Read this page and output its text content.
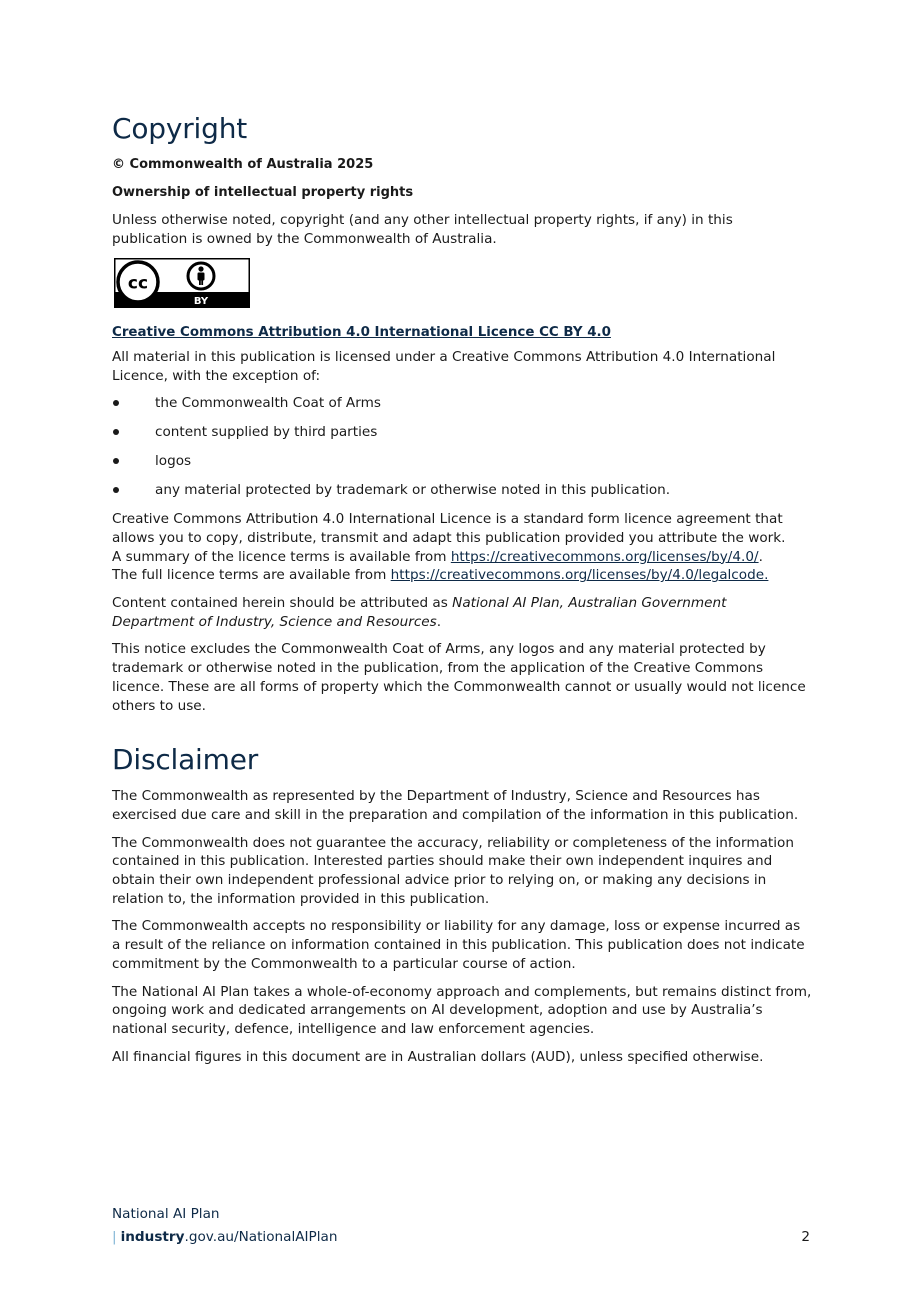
Copyright

© Commonwealth of Australia 2025

Ownership of intellectual property rights

Unless otherwise noted, copyright (and any other intellectual property rights, if any) in this publication is owned by the Commonwealth of Australia.

cc
BY
Creative Commons Attribution 4.0 International Licence CC BY 4.0

All material in this publication is licensed under a Creative Commons Attribution 4.0 International Licence, with the exception of:

the Commonwealth Coat of Arms
content supplied by third parties
logos
any material protected by trademark or otherwise noted in this publication.

Creative Commons Attribution 4.0 International Licence is a standard form licence agreement that allows you to copy, distribute, transmit and adapt this publication provided you attribute the work.
A summary of the licence terms is available from https://creativecommons.org/licenses/by/4.0/.
The full licence terms are available from https://creativecommons.org/licenses/by/4.0/legalcode.

Content contained herein should be attributed as National AI Plan, Australian Government Department of Industry, Science and Resources.

This notice excludes the Commonwealth Coat of Arms, any logos and any material protected by trademark or otherwise noted in the publication, from the application of the Creative Commons licence. These are all forms of property which the Commonwealth cannot or usually would not licence others to use.

Disclaimer

The Commonwealth as represented by the Department of Industry, Science and Resources has exercised due care and skill in the preparation and compilation of the information in this publication.

The Commonwealth does not guarantee the accuracy, reliability or completeness of the information contained in this publication. Interested parties should make their own independent inquires and obtain their own independent professional advice prior to relying on, or making any decisions in relation to, the information provided in this publication.

The Commonwealth accepts no responsibility or liability for any damage, loss or expense incurred as a result of the reliance on information contained in this publication. This publication does not indicate commitment by the Commonwealth to a particular course of action.

The National AI Plan takes a whole-of-economy approach and complements, but remains distinct from, ongoing work and dedicated arrangements on AI development, adoption and use by Australia’s national security, defence, intelligence and law enforcement agencies.

All financial figures in this document are in Australian dollars (AUD), unless specified otherwise.

National AI Plan
| industry.gov.au/NationalAIPlan	2
